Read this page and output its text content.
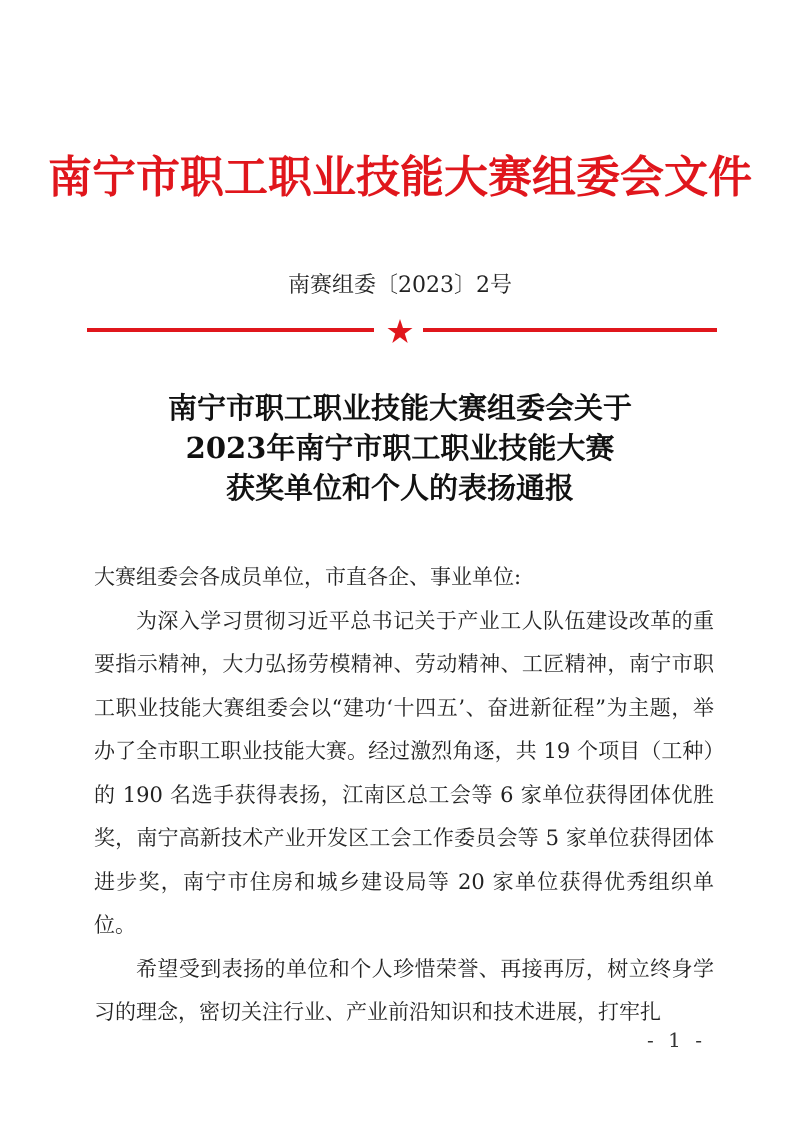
南宁市职工职业技能大赛组委会文件
南赛组委〔2023〕2号
南宁市职工职业技能大赛组委会关于
2023年南宁市职工职业技能大赛
获奖单位和个人的表扬通报

大赛组委会各成员单位，市直各企、事业单位:

为深入学习贯彻习近平总书记关于产业工人队伍建设改革的重要指示精神，大力弘扬劳模精神、劳动精神、工匠精神，南宁市职工职业技能大赛组委会以“建功‘十四五’、奋进新征程”为主题，举办了全市职工职业技能大赛。经过激烈角逐，共 19 个项目（工种）的 190 名选手获得表扬，江南区总工会等 6 家单位获得团体优胜奖，南宁高新技术产业开发区工会工作委员会等 5 家单位获得团体进步奖，南宁市住房和城乡建设局等 20 家单位获得优秀组织单位。

希望受到表扬的单位和个人珍惜荣誉、再接再厉，树立终身学习的理念，密切关注行业、产业前沿知识和技术进展，打牢扎

- 1 -
